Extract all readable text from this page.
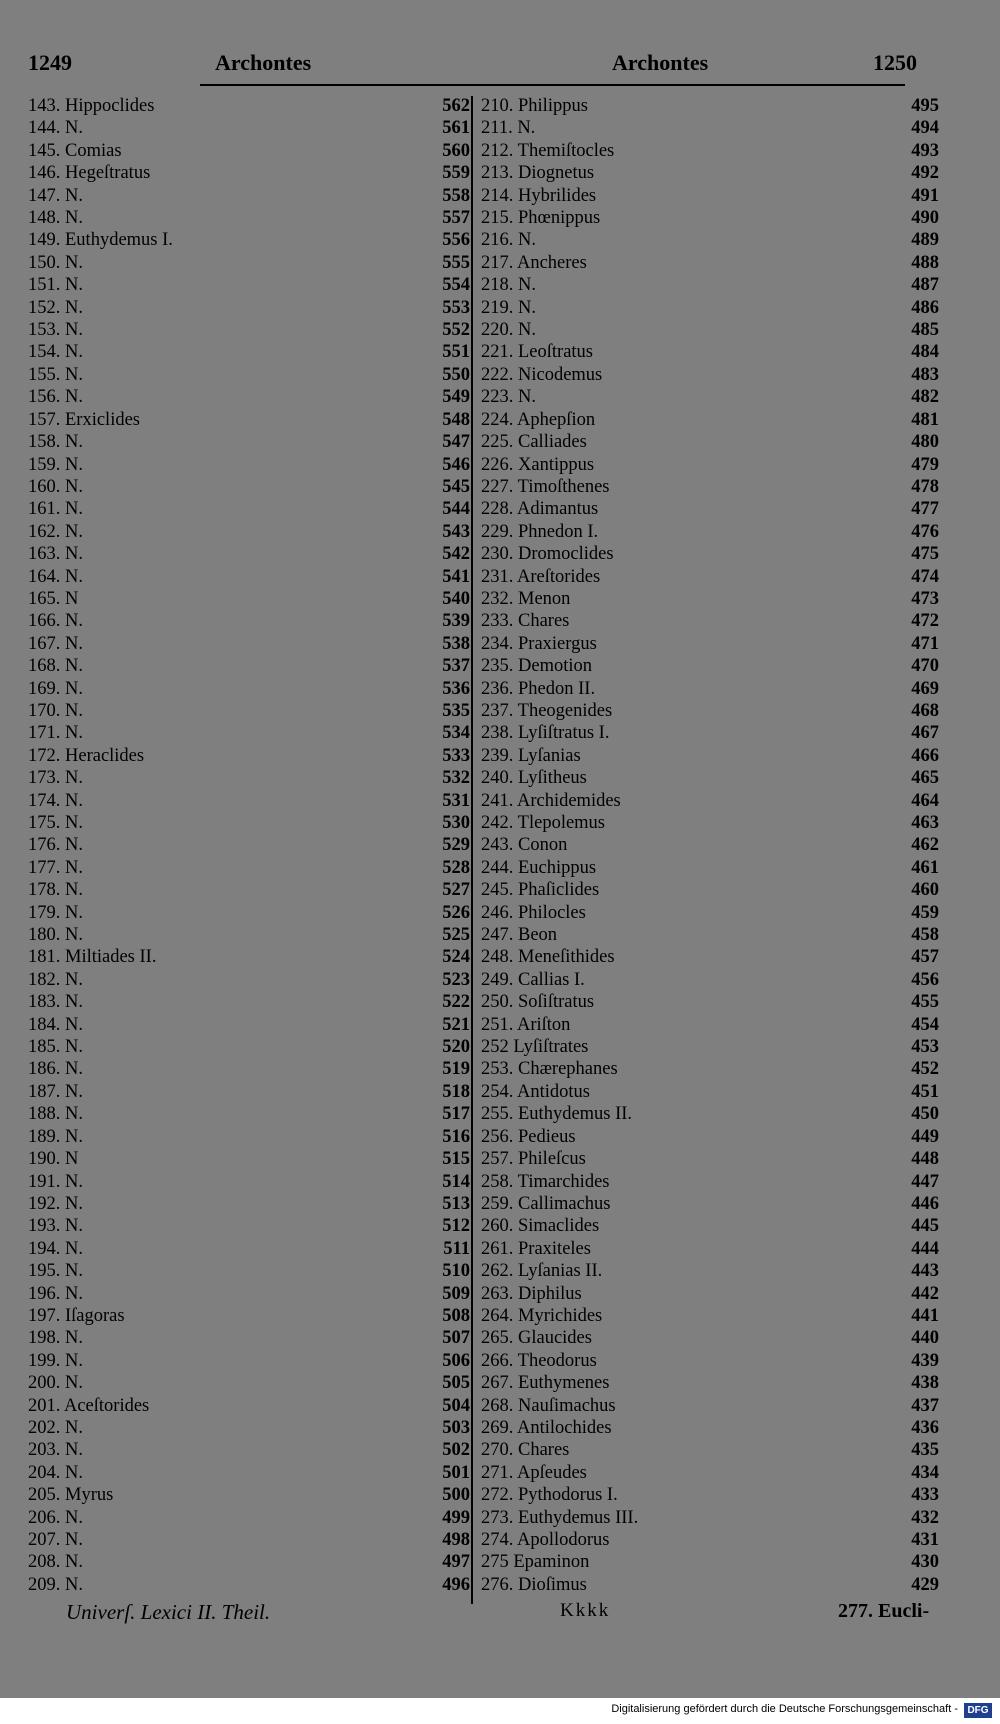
1249	Archontes	Archontes	1250
143. Hippoclides	562
144. N.	561
145. Comias	560
146. Hegeſtratus	559
147. N.	558
148. N.	557
149. Euthydemus I.	556
150. N.	555
151. N.	554
152. N.	553
153. N.	552
154. N.	551
155. N.	550
156. N.	549
157. Erxiclides	548
158. N.	547
159. N.	546
160. N.	545
161. N.	544
162. N.	543
163. N.	542
164. N.	541
165. N	540
166. N.	539
167. N.	538
168. N.	537
169. N.	536
170. N.	535
171. N.	534
172. Heraclides	533
173. N.	532
174. N.	531
175. N.	530
176. N.	529
177. N.	528
178. N.	527
179. N.	526
180. N.	525
181. Miltiades II.	524
182. N.	523
183. N.	522
184. N.	521
185. N.	520
186. N.	519
187. N.	518
188. N.	517
189. N.	516
190. N	515
191. N.	514
192. N.	513
193. N.	512
194. N.	511
195. N.	510
196. N.	509
197. Iſagoras	508
198. N.	507
199. N.	506
200. N.	505
201. Aceſtorides	504
202. N.	503
203. N.	502
204. N.	501
205. Myrus	500
206. N.	499
207. N.	498
208. N.	497
209. N.	496
210. Philippus	495
211. N.	494
212. Themiſtocles	493
213. Diognetus	492
214. Hybrilides	491
215. Phœnippus	490
216. N.	489
217. Ancheres	488
218. N.	487
219. N.	486
220. N.	485
221. Leoſtratus	484
222. Nicodemus	483
223. N.	482
224. Aphepſion	481
225. Calliades	480
226. Xantippus	479
227. Timoſthenes	478
228. Adimantus	477
229. Phnedon I.	476
230. Dromoclides	475
231. Areſtorides	474
232. Menon	473
233. Chares	472
234. Praxiergus	471
235. Demotion	470
236. Phedon II.	469
237. Theogenides	468
238. Lyſiſtratus I.	467
239. Lyſanias	466
240. Lyſitheus	465
241. Archidemides	464
242. Tlepolemus	463
243. Conon	462
244. Euchippus	461
245. Phaſiclides	460
246. Philocles	459
247. Beon	458
248. Meneſithides	457
249. Callias I.	456
250. Soſiſtratus	455
251. Ariſton	454
252 Lyſiſtrates	453
253. Chærephanes	452
254. Antidotus	451
255. Euthydemus II.	450
256. Pedieus	449
257. Phileſcus	448
258. Timarchides	447
259. Callimachus	446
260. Simaclides	445
261. Praxiteles	444
262. Lyſanias II.	443
263. Diphilus	442
264. Myrichides	441
265. Glaucides	440
266. Theodorus	439
267. Euthymenes	438
268. Nauſimachus	437
269. Antilochides	436
270. Chares	435
271. Apſeudes	434
272. Pythodorus I.	433
273. Euthydemus III.	432
274. Apollodorus	431
275 Epaminon	430
276. Dioſimus	429
Univerſ. Lexici II. Theil.	Kkkk	277. Eucli-
Digitalisierung gefördert durch die Deutsche Forschungsgemeinschaft - DFG
